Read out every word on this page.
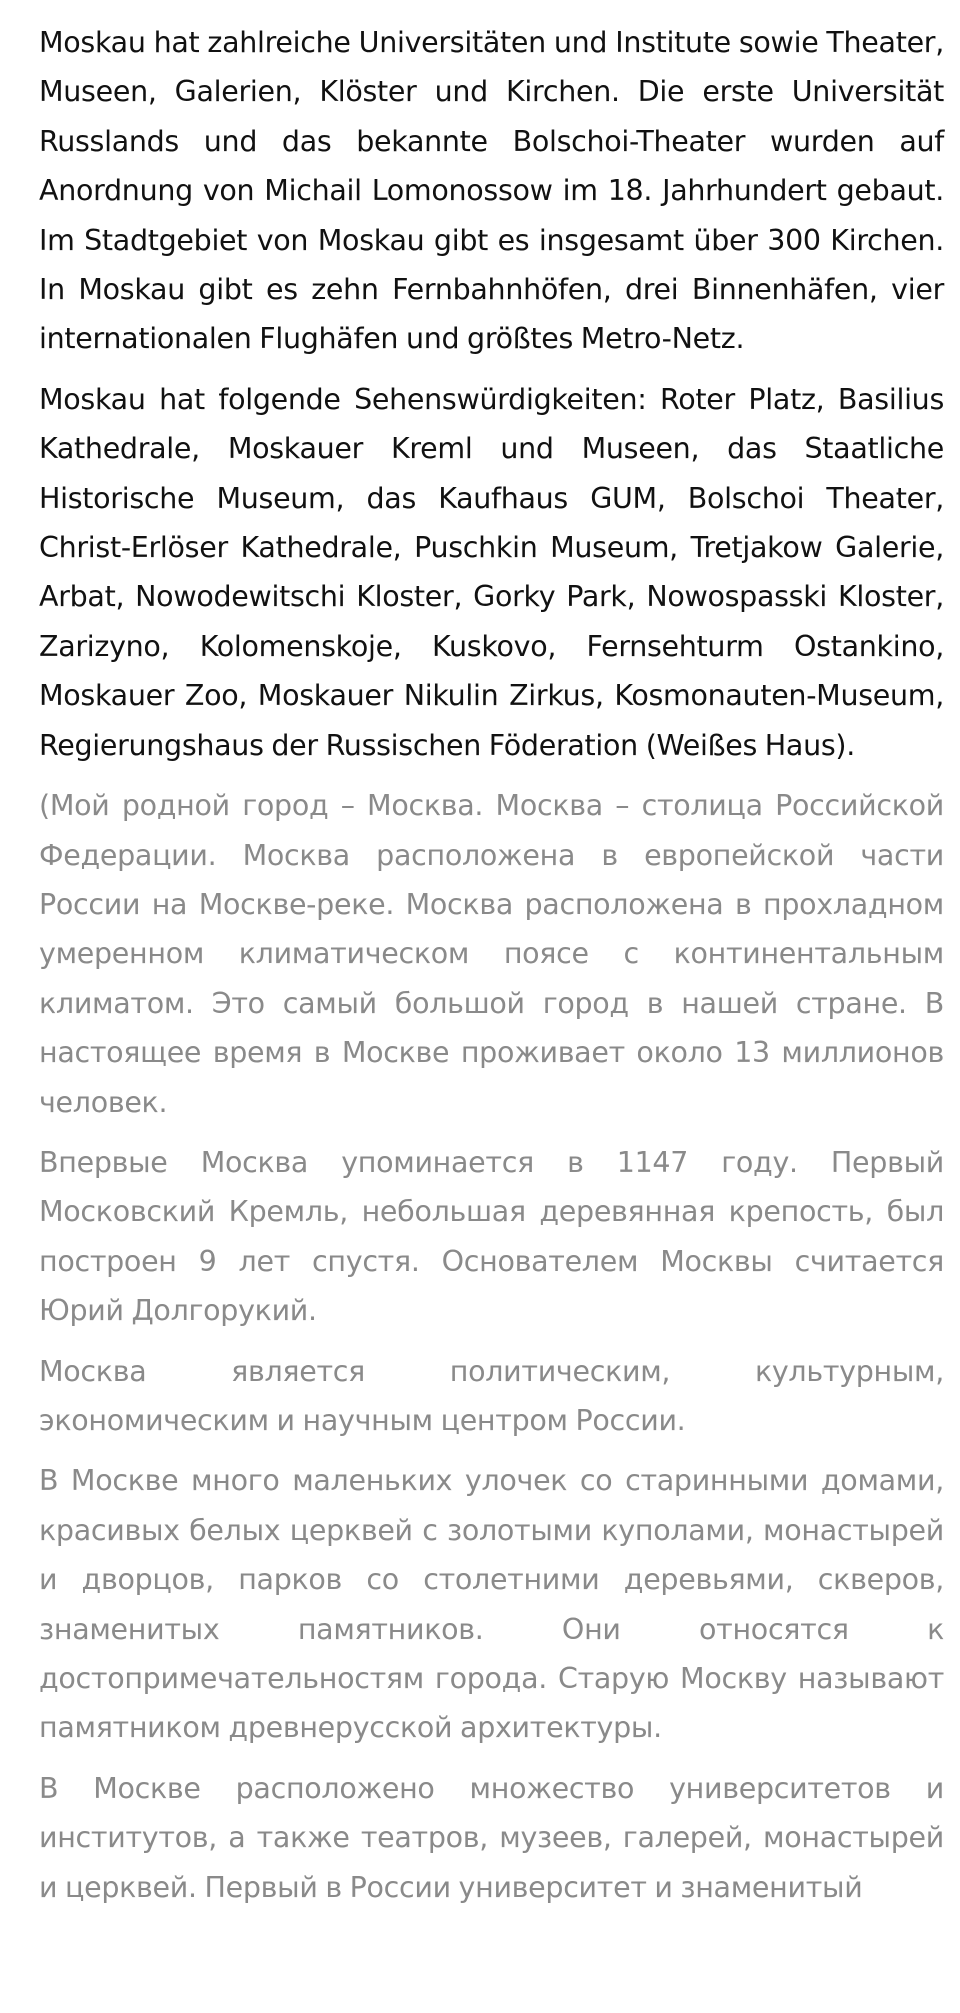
Moskau hat zahlreiche Universitäten und Institute sowie Theater, Museen, Galerien, Klöster und Kirchen. Die erste Universität Russlands und das bekannte Bolschoi-Theater wurden auf Anordnung von Michail Lomonossow im 18. Jahrhundert gebaut. Im Stadtgebiet von Moskau gibt es insgesamt über 300 Kirchen. In Moskau gibt es zehn Fernbahnhöfen, drei Binnenhäfen, vier internationalen Flughäfen und größtes Metro-Netz.

Moskau hat folgende Sehenswürdigkeiten: Roter Platz, Basilius Kathedrale, Moskauer Kreml und Museen, das Staatliche Historische Museum, das Kaufhaus GUM, Bolschoi Theater, Christ-Erlöser Kathedrale, Puschkin Museum, Tretjakow Galerie, Arbat, Nowodewitschi Kloster, Gorky Park, Nowospasski Kloster, Zarizyno, Kolomenskoje, Kuskovo, Fernsehturm Ostankino, Moskauer Zoo, Moskauer Nikulin Zirkus, Kosmonauten-Museum, Regierungshaus der Russischen Föderation (Weißes Haus).

(Мой родной город – Москва. Москва – столица Российской Федерации. Москва расположена в европейской части России на Москве-реке. Москва расположена в прохладном умеренном климатическом поясе с континентальным климатом. Это самый большой город в нашей стране. В настоящее время в Москве проживает около 13 миллионов человек.

Впервые Москва упоминается в 1147 году. Первый Московский Кремль, небольшая деревянная крепость, был построен 9 лет спустя. Основателем Москвы считается Юрий Долгорукий.

Москва является политическим, культурным, экономическим и научным центром России.

В Москве много маленьких улочек со старинными домами, красивых белых церквей с золотыми куполами, монастырей и дворцов, парков со столетними деревьями, скверов, знаменитых памятников. Они относятся к достопримечательностям города. Старую Москву называют памятником древнерусской архитектуры.

В Москве расположено множество университетов и институтов, а также театров, музеев, галерей, монастырей и церквей. Первый в России университет и знаменитый
